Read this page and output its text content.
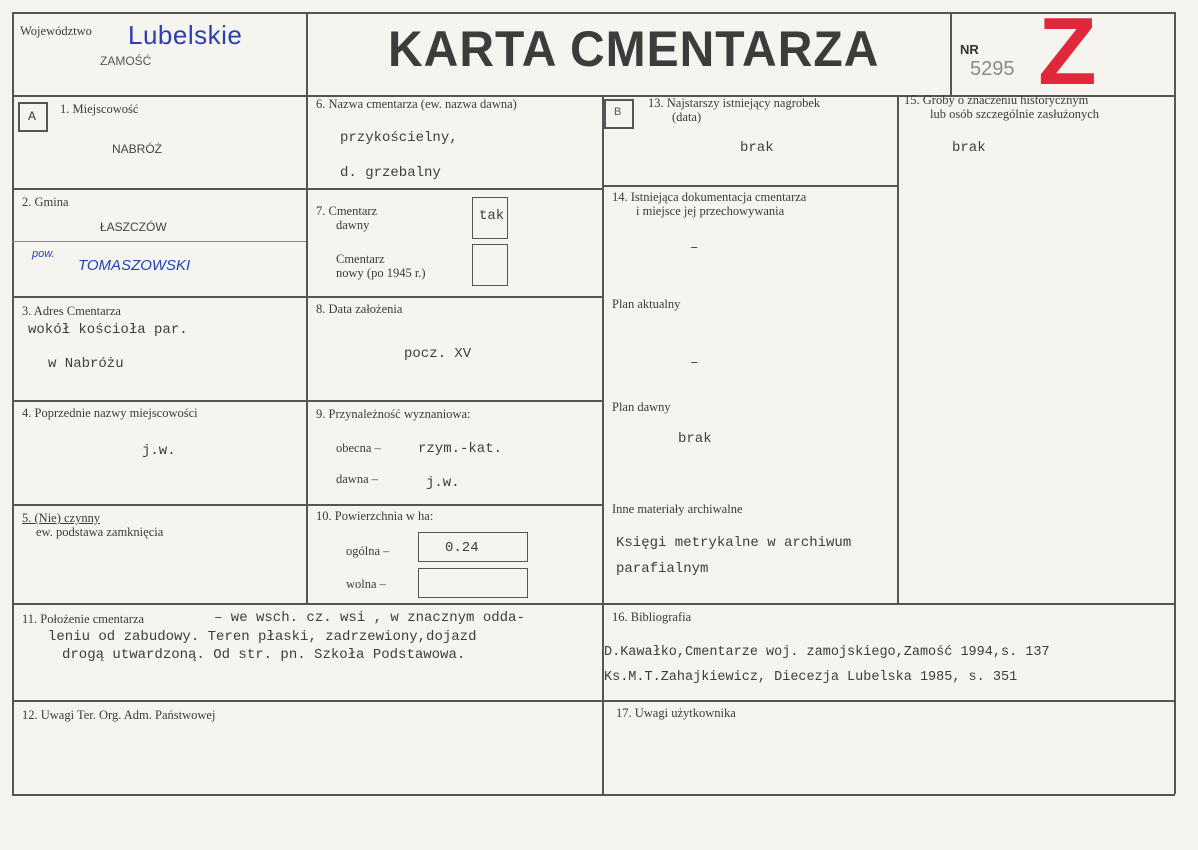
Województwo Lubelskie
ZAMOŚĆ	KARTA CMENTARZA	NR
5295 Z
A 1. Miejscowość
NABRÓŻ
2. Gmina
ŁASZCZÓW
pow.
TOMASZOWSKI
3. Adres Cmentarza
wokół kościoła par.
w Nabróżu
4. Poprzednie nazwy miejscowości
j.w.
5. (Nie) czynny
ew. podstawa zamknięcia
6. Nazwa cmentarza (ew. nazwa dawna)
przykościelny,
d. grzebalny
7. Cmentarz
dawny
tak
Cmentarz
nowy (po 1945 r.)
8. Data założenia
pocz. XV
9. Przynależność wyznaniowa:
obecna –	rzym.-kat.
dawna –	j.w.
10. Powierzchnia w ha:
ogólna –	0.24
wolna –
B
13. Najstarszy istniejący nagrobek
(data)
brak
14. Istniejąca dokumentacja cmentarza
i miejsce jej przechowywania
–
Plan aktualny
–
Plan dawny
brak
Inne materiały archiwalne
Księgi metrykalne w archiwum
parafialnym
15. Groby o znaczeniu historycznym
lub osób szczególnie zasłużonych
brak
11. Położenie cmentarza	– we wsch. cz. wsi , w znacznym odda-
leniu od zabudowy. Teren płaski, zadrzewiony,dojazd
drogą utwardzoną. Od str. pn. Szkoła Podstawowa.
16. Bibliografia
D.Kawałko,Cmentarze woj. zamojskiego,Zamość 1994,s. 137
Ks.M.T.Zahajkiewicz, Diecezja Lubelska 1985, s. 351
12. Uwagi Ter. Org. Adm. Państwowej	17. Uwagi użytkownika
